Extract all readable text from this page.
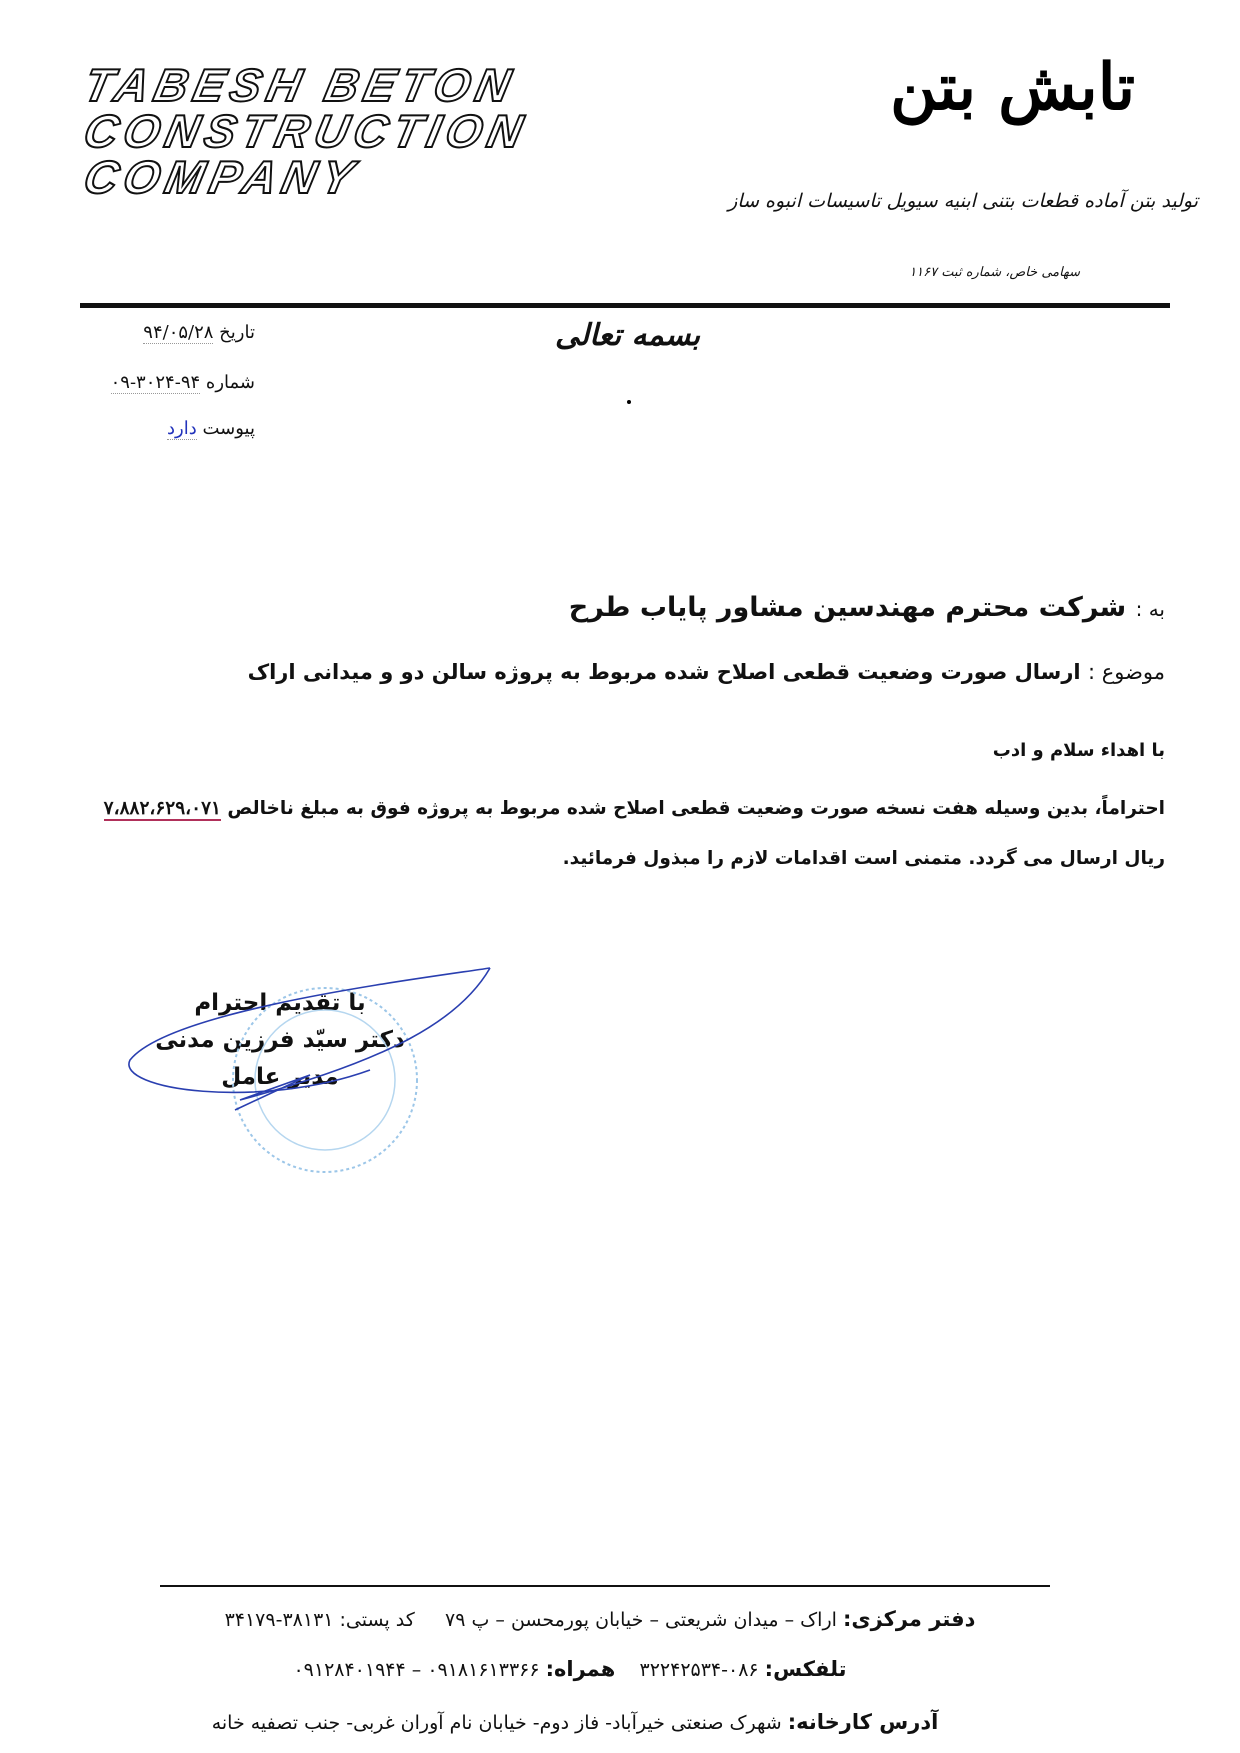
TABESH BETON
CONSTRUCTION
COMPANY
تابش بتن
تولید بتن آماده قطعات بتنی ابنیه سیویل تاسیسات انبوه ساز
سهامی خاص، شماره ثبت ۱۱۶۷
تاریخ ۹۴/۰۵/۲۸
شماره ۹۴-۳۰۲۴-۰۹
پیوست دارد
بسمه تعالی
به : شرکت محترم مهندسین مشاور پایاب طرح
موضوع : ارسال صورت وضعیت قطعی اصلاح شده مربوط به پروژه سالن دو و میدانی اراک
با اهداء سلام و ادب
احتراماً، بدین وسیله هفت نسخه صورت وضعیت قطعی اصلاح شده مربوط به پروژه فوق به مبلغ ناخالص ۷،۸۸۲،۶۲۹،۰۷۱
ریال ارسال می گردد. متمنی است اقدامات لازم را مبذول فرمائید.
با تقدیم احترام
دکتر سیّد فرزین مدنی
مدیر عامل
دفتر مرکزی: اراک – میدان شریعتی – خیابان پورمحسن – پ ۷۹     کد پستی: ۳۸۱۳۱-۳۴۱۷۹
تلفکس: ۰۸۶-۳۲۲۴۲۵۳۴    همراه: ۰۹۱۸۱۶۱۳۳۶۶ – ۰۹۱۲۸۴۰۱۹۴۴
آدرس کارخانه: شهرک صنعتی خیرآباد- فاز دوم- خیابان نام آوران غربی- جنب تصفیه خانه
